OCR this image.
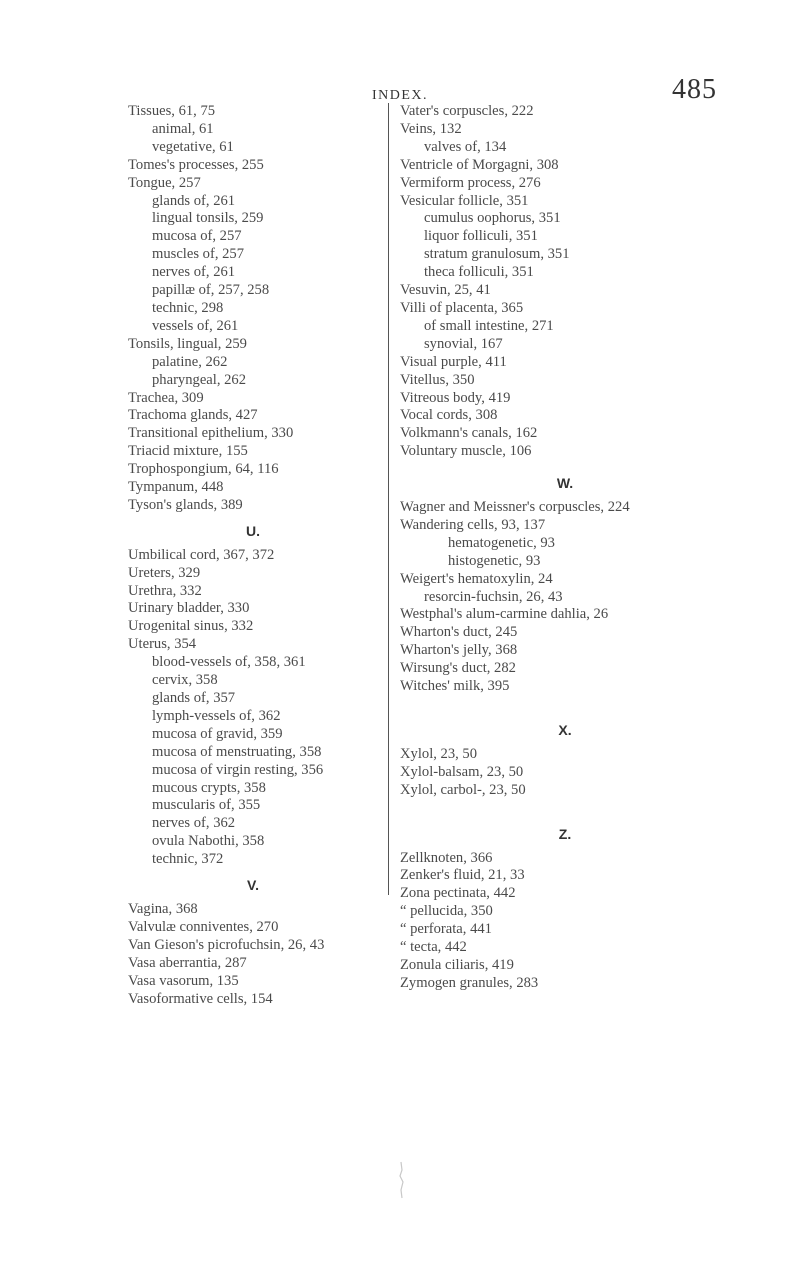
INDEX.	485
Tissues, 61, 75
animal, 61
vegetative, 61
Tomes's processes, 255
Tongue, 257
glands of, 261
lingual tonsils, 259
mucosa of, 257
muscles of, 257
nerves of, 261
papillæ of, 257, 258
technic, 298
vessels of, 261
Tonsils, lingual, 259
palatine, 262
pharyngeal, 262
Trachea, 309
Trachoma glands, 427
Transitional epithelium, 330
Triacid mixture, 155
Trophospongium, 64, 116
Tympanum, 448
Tyson's glands, 389
U.
Umbilical cord, 367, 372
Ureters, 329
Urethra, 332
Urinary bladder, 330
Urogenital sinus, 332
Uterus, 354
blood-vessels of, 358, 361
cervix, 358
glands of, 357
lymph-vessels of, 362
mucosa of gravid, 359
mucosa of menstruating, 358
mucosa of virgin resting, 356
mucous crypts, 358
muscularis of, 355
nerves of, 362
ovula Nabothi, 358
technic, 372
V.
Vagina, 368
Valvulæ conniventes, 270
Van Gieson's picrofuchsin, 26, 43
Vasa aberrantia, 287
Vasa vasorum, 135
Vasoformative cells, 154
Vater's corpuscles, 222
Veins, 132
valves of, 134
Ventricle of Morgagni, 308
Vermiform process, 276
Vesicular follicle, 351
cumulus oophorus, 351
liquor folliculi, 351
stratum granulosum, 351
theca folliculi, 351
Vesuvin, 25, 41
Villi of placenta, 365
of small intestine, 271
synovial, 167
Visual purple, 411
Vitellus, 350
Vitreous body, 419
Vocal cords, 308
Volkmann's canals, 162
Voluntary muscle, 106
W.
Wagner and Meissner's corpuscles, 224
Wandering cells, 93, 137
hematogenetic, 93
histogenetic, 93
Weigert's hematoxylin, 24
resorcin-fuchsin, 26, 43
Westphal's alum-carmine dahlia, 26
Wharton's duct, 245
Wharton's jelly, 368
Wirsung's duct, 282
Witches' milk, 395
X.
Xylol, 23, 50
Xylol-balsam, 23, 50
Xylol, carbol-, 23, 50
Z.
Zellknoten, 366
Zenker's fluid, 21, 33
Zona pectinata, 442
“ pellucida, 350
“ perforata, 441
“ tecta, 442
Zonula ciliaris, 419
Zymogen granules, 283
